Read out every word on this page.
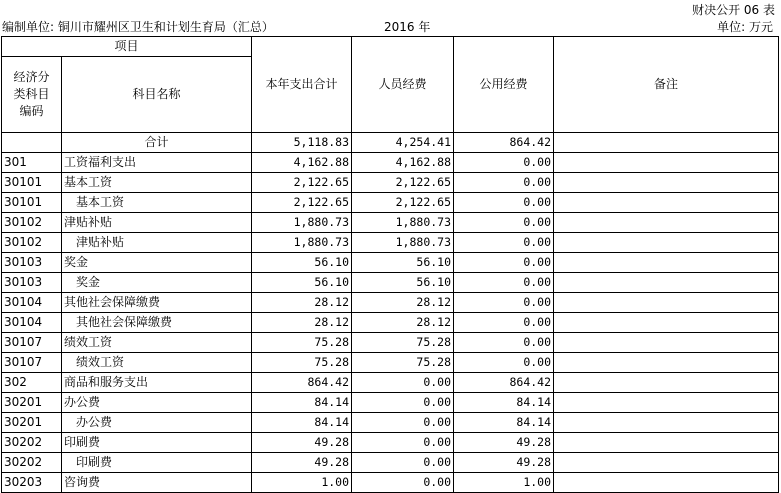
财决公开 06 表
编制单位: 铜川市耀州区卫生和计划生育局（汇总）	2016 年	单位: 万元
项目		本年支出合计	人员经费	公用经费	备注

经济分
类科目
编码	科目名称				
	合计	5,118.83	4,254.41	864.42	
301	工资福利支出	4,162.88	4,162.88	0.00	
30101	基本工资	2,122.65	2,122.65	0.00	
30101	基本工资	2,122.65	2,122.65	0.00	
30102	津贴补贴	1,880.73	1,880.73	0.00	
30102	津贴补贴	1,880.73	1,880.73	0.00	
30103	奖金	56.10	56.10	0.00	
30103	奖金	56.10	56.10	0.00	
30104	其他社会保障缴费	28.12	28.12	0.00	
30104	其他社会保障缴费	28.12	28.12	0.00	
30107	绩效工资	75.28	75.28	0.00	
30107	绩效工资	75.28	75.28	0.00	
302	商品和服务支出	864.42	0.00	864.42	
30201	办公费	84.14	0.00	84.14	
30201	办公费	84.14	0.00	84.14	
30202	印刷费	49.28	0.00	49.28	
30202	印刷费	49.28	0.00	49.28	
30203	咨询费	1.00	0.00	1.00	
